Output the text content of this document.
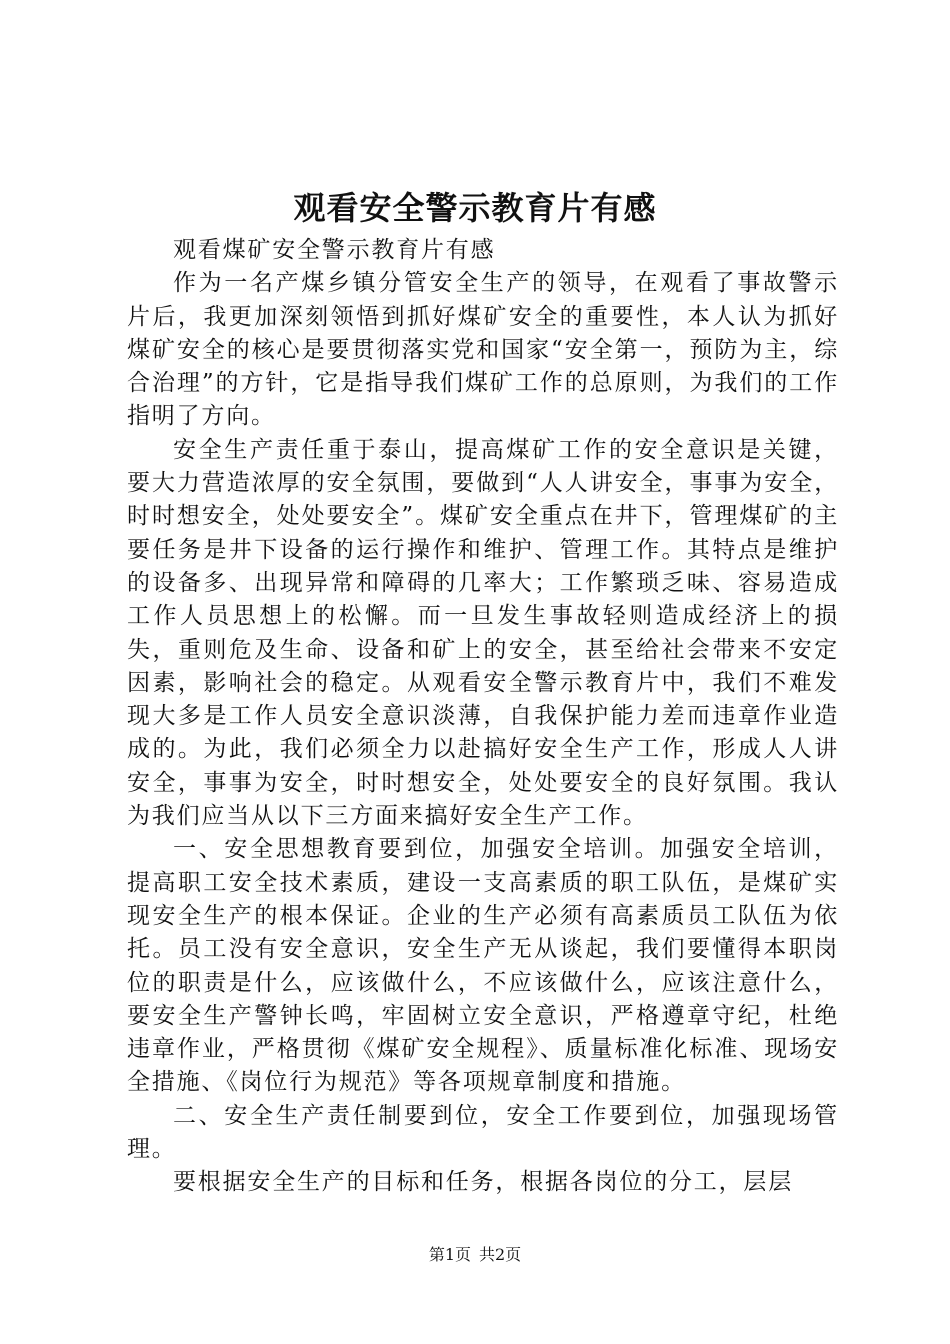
观看安全警示教育片有感

观看煤矿安全警示教育片有感

作为一名产煤乡镇分管安全生产的领导，在观看了事故警示片后，我更加深刻领悟到抓好煤矿安全的重要性，本人认为抓好煤矿安全的核心是要贯彻落实党和国家“安全第一，预防为主，综合治理”的方针，它是指导我们煤矿工作的总原则，为我们的工作指明了方向。

安全生产责任重于泰山，提高煤矿工作的安全意识是关键，要大力营造浓厚的安全氛围，要做到“人人讲安全，事事为安全，时时想安全，处处要安全”。煤矿安全重点在井下，管理煤矿的主要任务是井下设备的运行操作和维护、管理工作。其特点是维护的设备多、出现异常和障碍的几率大；工作繁琐乏味、容易造成工作人员思想上的松懈。而一旦发生事故轻则造成经济上的损失，重则危及生命、设备和矿上的安全，甚至给社会带来不安定因素，影响社会的稳定。从观看安全警示教育片中，我们不难发现大多是工作人员安全意识淡薄，自我保护能力差而违章作业造成的。为此，我们必须全力以赴搞好安全生产工作，形成人人讲安全，事事为安全，时时想安全，处处要安全的良好氛围。我认为我们应当从以下三方面来搞好安全生产工作。

一、安全思想教育要到位，加强安全培训。加强安全培训，提高职工安全技术素质，建设一支高素质的职工队伍，是煤矿实现安全生产的根本保证。企业的生产必须有高素质员工队伍为依托。员工没有安全意识，安全生产无从谈起，我们要懂得本职岗位的职责是什么，应该做什么，不应该做什么，应该注意什么，要安全生产警钟长鸣，牢固树立安全意识，严格遵章守纪，杜绝违章作业，严格贯彻《煤矿安全规程》、质量标准化标准、现场安全措施、《岗位行为规范》等各项规章制度和措施。

二、安全生产责任制要到位，安全工作要到位，加强现场管理。

要根据安全生产的目标和任务，根据各岗位的分工，层层

第1页 共2页
